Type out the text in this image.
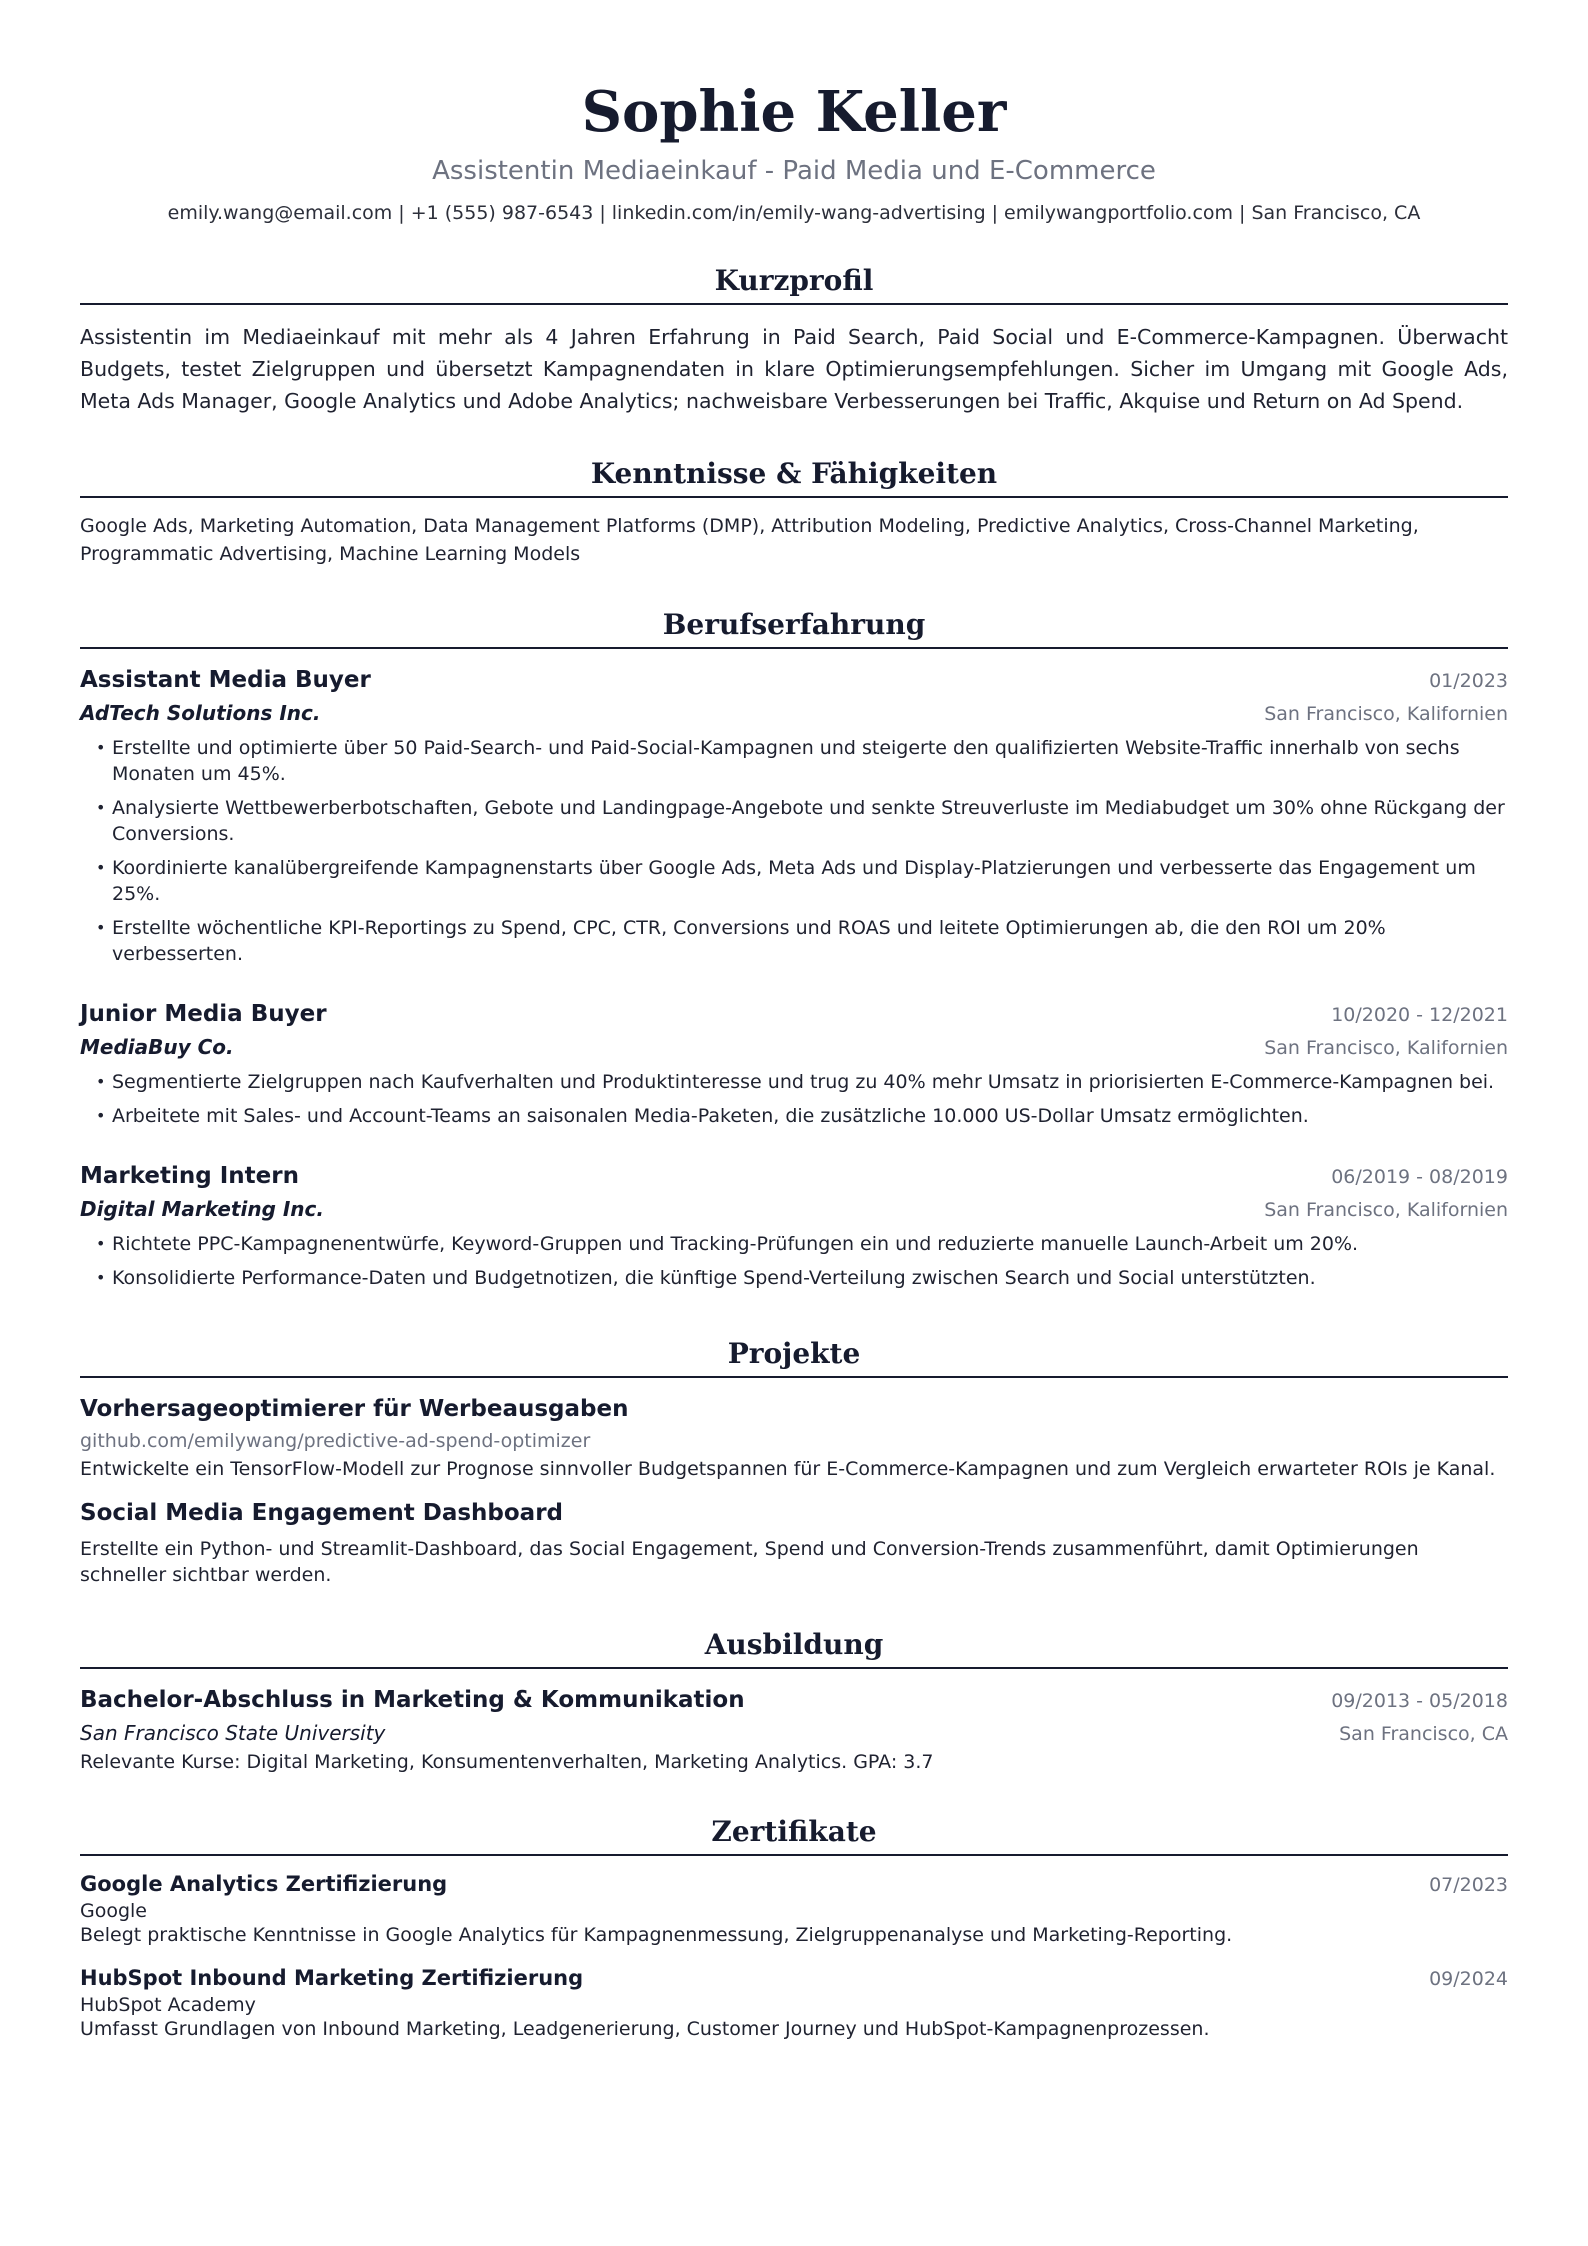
Sophie Keller
Assistentin Mediaeinkauf - Paid Media und E-Commerce
emily.wang@email.com | +1 (555) 987-6543 | linkedin.com/in/emily-wang-advertising | emilywangportfolio.com | San Francisco, CA
Kurzprofil
Assistentin im Mediaeinkauf mit mehr als 4 Jahren Erfahrung in Paid Search, Paid Social und E-Commerce-Kampagnen. Überwacht Budgets, testet Zielgruppen und übersetzt Kampagnendaten in klare Optimierungsempfehlungen. Sicher im Umgang mit Google Ads, Meta Ads Manager, Google Analytics und Adobe Analytics; nachweisbare Verbesserungen bei Traffic, Akquise und Return on Ad Spend.
Kenntnisse & Fähigkeiten
Google Ads, Marketing Automation, Data Management Platforms (DMP), Attribution Modeling, Predictive Analytics, Cross-Channel Marketing, Programmatic Advertising, Machine Learning Models
Berufserfahrung
Assistant Media Buyer	01/2023
AdTech Solutions Inc.	San Francisco, Kalifornien
• Erstellte und optimierte über 50 Paid-Search- und Paid-Social-Kampagnen und steigerte den qualifizierten Website-Traffic innerhalb von sechs Monaten um 45%.
• Analysierte Wettbewerberbotschaften, Gebote und Landingpage-Angebote und senkte Streuverluste im Mediabudget um 30% ohne Rückgang der Conversions.
• Koordinierte kanalübergreifende Kampagnenstarts über Google Ads, Meta Ads und Display-Platzierungen und verbesserte das Engagement um 25%.
• Erstellte wöchentliche KPI-Reportings zu Spend, CPC, CTR, Conversions und ROAS und leitete Optimierungen ab, die den ROI um 20% verbesserten.
Junior Media Buyer	10/2020 - 12/2021
MediaBuy Co.	San Francisco, Kalifornien
• Segmentierte Zielgruppen nach Kaufverhalten und Produktinteresse und trug zu 40% mehr Umsatz in priorisierten E-Commerce-Kampagnen bei.
• Arbeitete mit Sales- und Account-Teams an saisonalen Media-Paketen, die zusätzliche 10.000 US-Dollar Umsatz ermöglichten.
Marketing Intern	06/2019 - 08/2019
Digital Marketing Inc.	San Francisco, Kalifornien
• Richtete PPC-Kampagnenentwürfe, Keyword-Gruppen und Tracking-Prüfungen ein und reduzierte manuelle Launch-Arbeit um 20%.
• Konsolidierte Performance-Daten und Budgetnotizen, die künftige Spend-Verteilung zwischen Search und Social unterstützten.
Projekte
Vorhersageoptimierer für Werbeausgaben
github.com/emilywang/predictive-ad-spend-optimizer
Entwickelte ein TensorFlow-Modell zur Prognose sinnvoller Budgetspannen für E-Commerce-Kampagnen und zum Vergleich erwarteter ROIs je Kanal.
Social Media Engagement Dashboard
Erstellte ein Python- und Streamlit-Dashboard, das Social Engagement, Spend und Conversion-Trends zusammenführt, damit Optimierungen schneller sichtbar werden.
Ausbildung
Bachelor-Abschluss in Marketing & Kommunikation	09/2013 - 05/2018
San Francisco State University	San Francisco, CA
Relevante Kurse: Digital Marketing, Konsumentenverhalten, Marketing Analytics. GPA: 3.7
Zertifikate
Google Analytics Zertifizierung	07/2023
Google
Belegt praktische Kenntnisse in Google Analytics für Kampagnenmessung, Zielgruppenanalyse und Marketing-Reporting.
HubSpot Inbound Marketing Zertifizierung	09/2024
HubSpot Academy
Umfasst Grundlagen von Inbound Marketing, Leadgenerierung, Customer Journey und HubSpot-Kampagnenprozessen.
